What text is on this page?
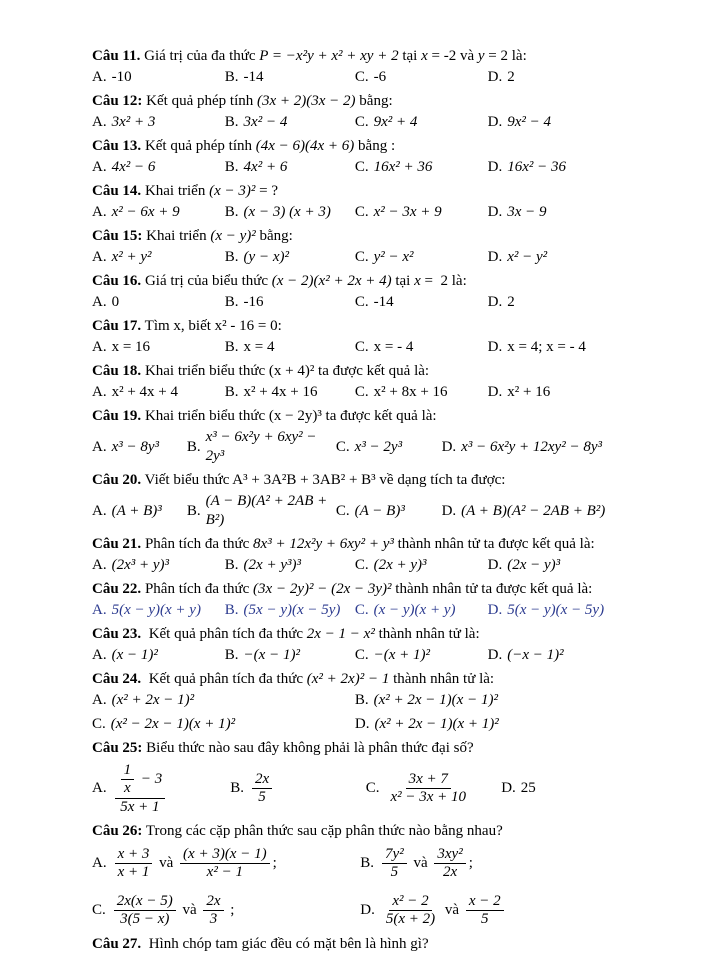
Câu 11. Giá trị của đa thức P = −x²y + x² + xy + 2 tại x = -2 và y = 2 là:
A. -10	B. -14	C. -6	D. 2
Câu 12: Kết quả phép tính (3x + 2)(3x − 2) bằng:
A. 3x² + 3	B. 3x² − 4	C. 9x² + 4	D. 9x² − 4
Câu 13. Kết quả phép tính (4x − 6)(4x + 6) bằng :
A. 4x² − 6	B. 4x² + 6	C. 16x² + 36	D. 16x² − 36
Câu 14. Khai triển (x − 3)² = ?
A. x² − 6x + 9	B. (x − 3) (x + 3) C. x² − 3x + 9	D. 3x − 9
Câu 15: Khai triển (x − y)² bằng:
A. x² + y²	B. (y − x)²	C. y² − x²	D. x² − y²
Câu 16. Giá trị của biểu thức (x − 2)(x² + 2x + 4) tại x =  2 là:
A. 0	B. -16	C. -14	D. 2
Câu 17. Tìm x, biết x² - 16 = 0:
A. x = 16	B. x = 4	C. x = - 4	D. x = 4; x = - 4
Câu 18. Khai triển biểu thức (x + 4)² ta được kết quả là:
A. x² + 4x + 4	B. x² + 4x + 16 C. x² + 8x + 16	D. x² + 16
Câu 19. Khai triển biểu thức (x − 2y)³ ta được kết quả là:
A. x³ − 8y³ B.
x³ − 6x²y + 6xy² − 2y³
C. x³ − 2y³	D. x³ − 6x²y + 12xy² − 8y³
Câu 20. Viết biểu thức A³ + 3A²B + 3AB² + B³ về dạng tích ta được:
A. (A + B)³ B.
(A − B)(A² + 2AB + B²)
C. (A − B)³ D. (A + B)(A² − 2AB + B²)
Câu 21. Phân tích đa thức 8x³ + 12x²y + 6xy² + y³ thành nhân tử ta được kết quả là:
A. (2x³ + y)³	B. (2x + y³)³	C. (2x + y)³	D. (2x − y)³
Câu 22. Phân tích đa thức (3x − 2y)² − (2x − 3y)² thành nhân tử ta được kết quả là:
A. 5(x − y)(x + y) B. (5x − y)(x − 5y) C. (x − y)(x + y) D. 5(x − y)(x − 5y)
Câu 23.  Kết quả phân tích đa thức 2x − 1 − x² thành nhân tử là:
A. (x − 1)²	B. −(x − 1)²	C. −(x + 1)²	D. (−x − 1)²
Câu 24.  Kết quả phân tích đa thức (x² + 2x)² − 1 thành nhân tử là:
A. (x² + 2x − 1)²	B. (x² + 2x − 1)(x − 1)²
C. (x² − 2x − 1)(x + 1)²	D. (x² + 2x − 1)(x + 1)²
Câu 25: Biểu thức nào sau đây không phải là phân thức đại số?
A. $\frac{\frac{1}{x} - 3}{5x + 1}$	B. $\frac{2x}{5}$	C. $\frac{3x + 7}{\text{x² − 3x + 10}} D$. 25
Câu 26: Trong các cặp phân thức sau cặp phân thức nào bằng nhau?
A. $\frac{x + 3}{x + 1}$ và $\frac{(x + 3)(x - 1)}{\text{x² − 1}}$ ;	B. $\frac{\text{7y²}}{5}$ và $\frac{\text{3xy²}}{2x}$ ;
C. $\frac{2x(x - 5)}{3(5 - x)}$ và $\frac{2x}{3}$ ;	D. $\frac{\text{x² − 2}}{5(x + 2)}$ và $\frac{x - 2}{5}$
Câu 27.  Hình chóp tam giác đều có mặt bên là hình gì?
